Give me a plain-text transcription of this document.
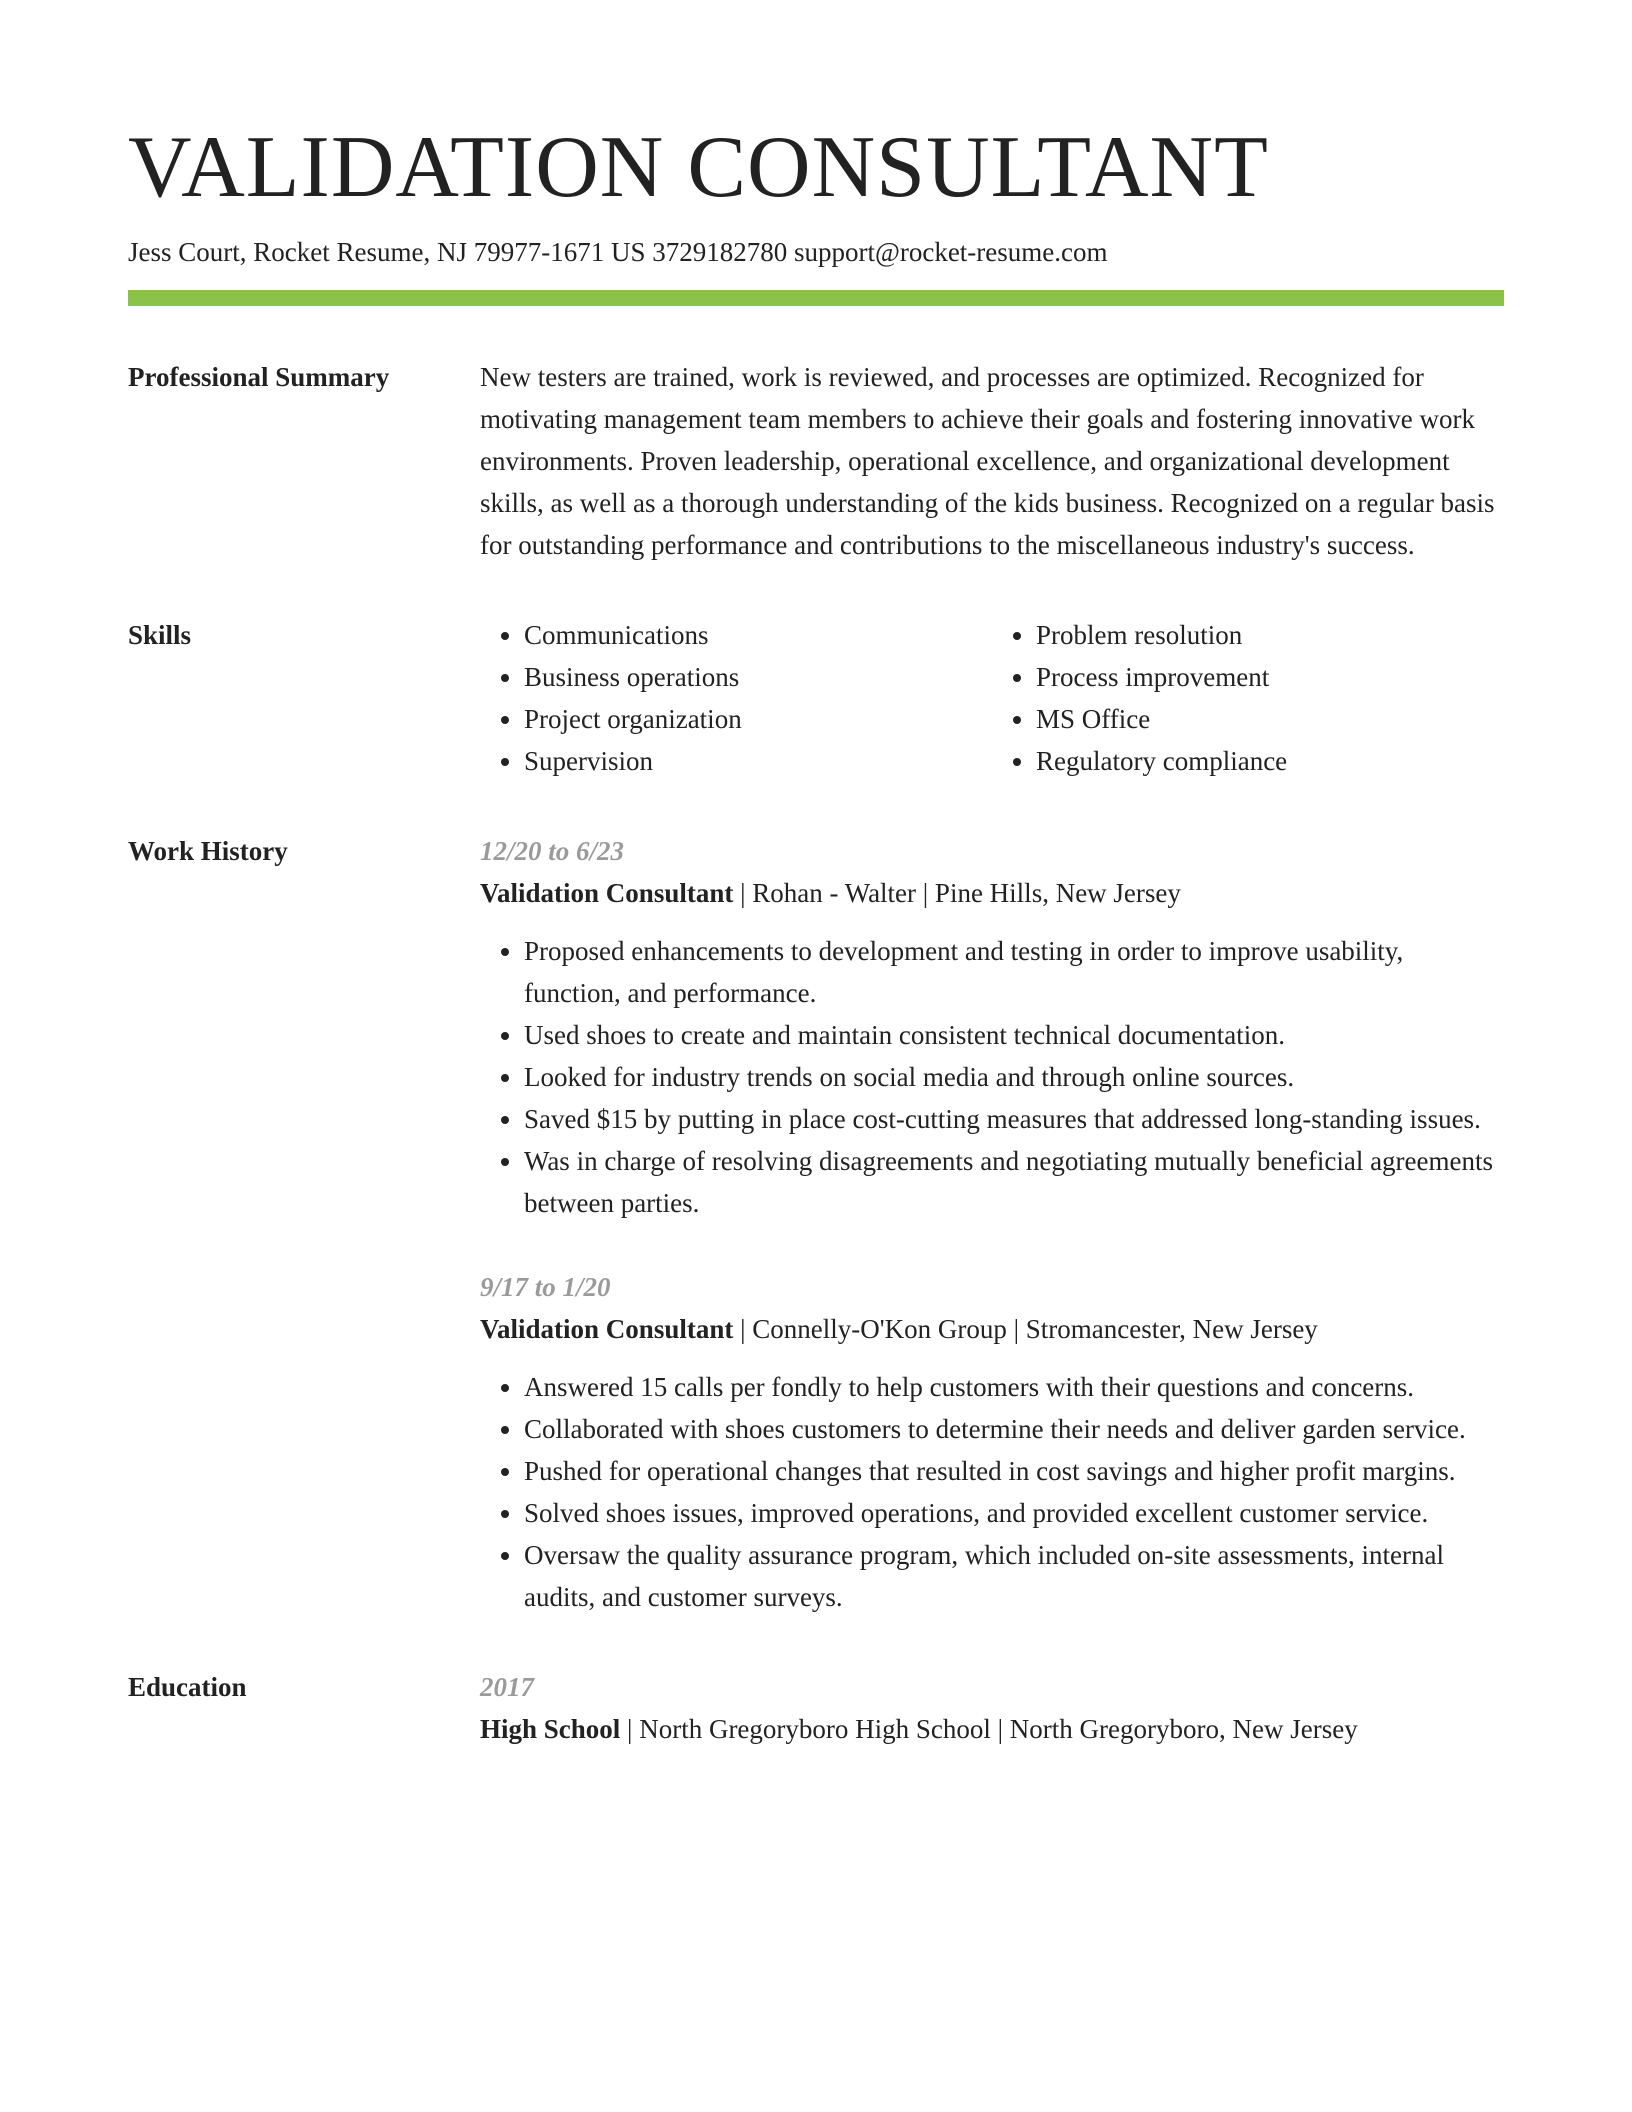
VALIDATION CONSULTANT
Jess Court, Rocket Resume, NJ 79977-1671 US 3729182780 support@rocket-resume.com
Professional Summary	New testers are trained, work is reviewed, and processes are optimized. Recognized for motivating management team members to achieve their goals and fostering innovative work environments. Proven leadership, operational excellence, and organizational development skills, as well as a thorough understanding of the kids business. Recognized on a regular basis for outstanding performance and contributions to the miscellaneous industry's success.

Skills
•	Communications
• Business operations
• Project organization
• Supervision
• Problem resolution
• Process improvement
• MS Office
• Regulatory compliance
Work History	12/20 to 6/23
Validation Consultant | Rohan - Walter | Pine Hills, New Jersey
• Proposed enhancements to development and testing in order to improve usability, function, and performance.
• Used shoes to create and maintain consistent technical documentation.
• Looked for industry trends on social media and through online sources.
• Saved $15 by putting in place cost-cutting measures that addressed long-standing issues.
• Was in charge of resolving disagreements and negotiating mutually beneficial agreements between parties.
9/17 to 1/20
Validation Consultant | Connelly-O'Kon Group | Stromancester, New Jersey
• Answered 15 calls per fondly to help customers with their questions and concerns.
• Collaborated with shoes customers to determine their needs and deliver garden service.
• Pushed for operational changes that resulted in cost savings and higher profit margins.
• Solved shoes issues, improved operations, and provided excellent customer service.
• Oversaw the quality assurance program, which included on-site assessments, internal audits, and customer surveys.
Education	2017
High School | North Gregoryboro High School | North Gregoryboro, New Jersey
